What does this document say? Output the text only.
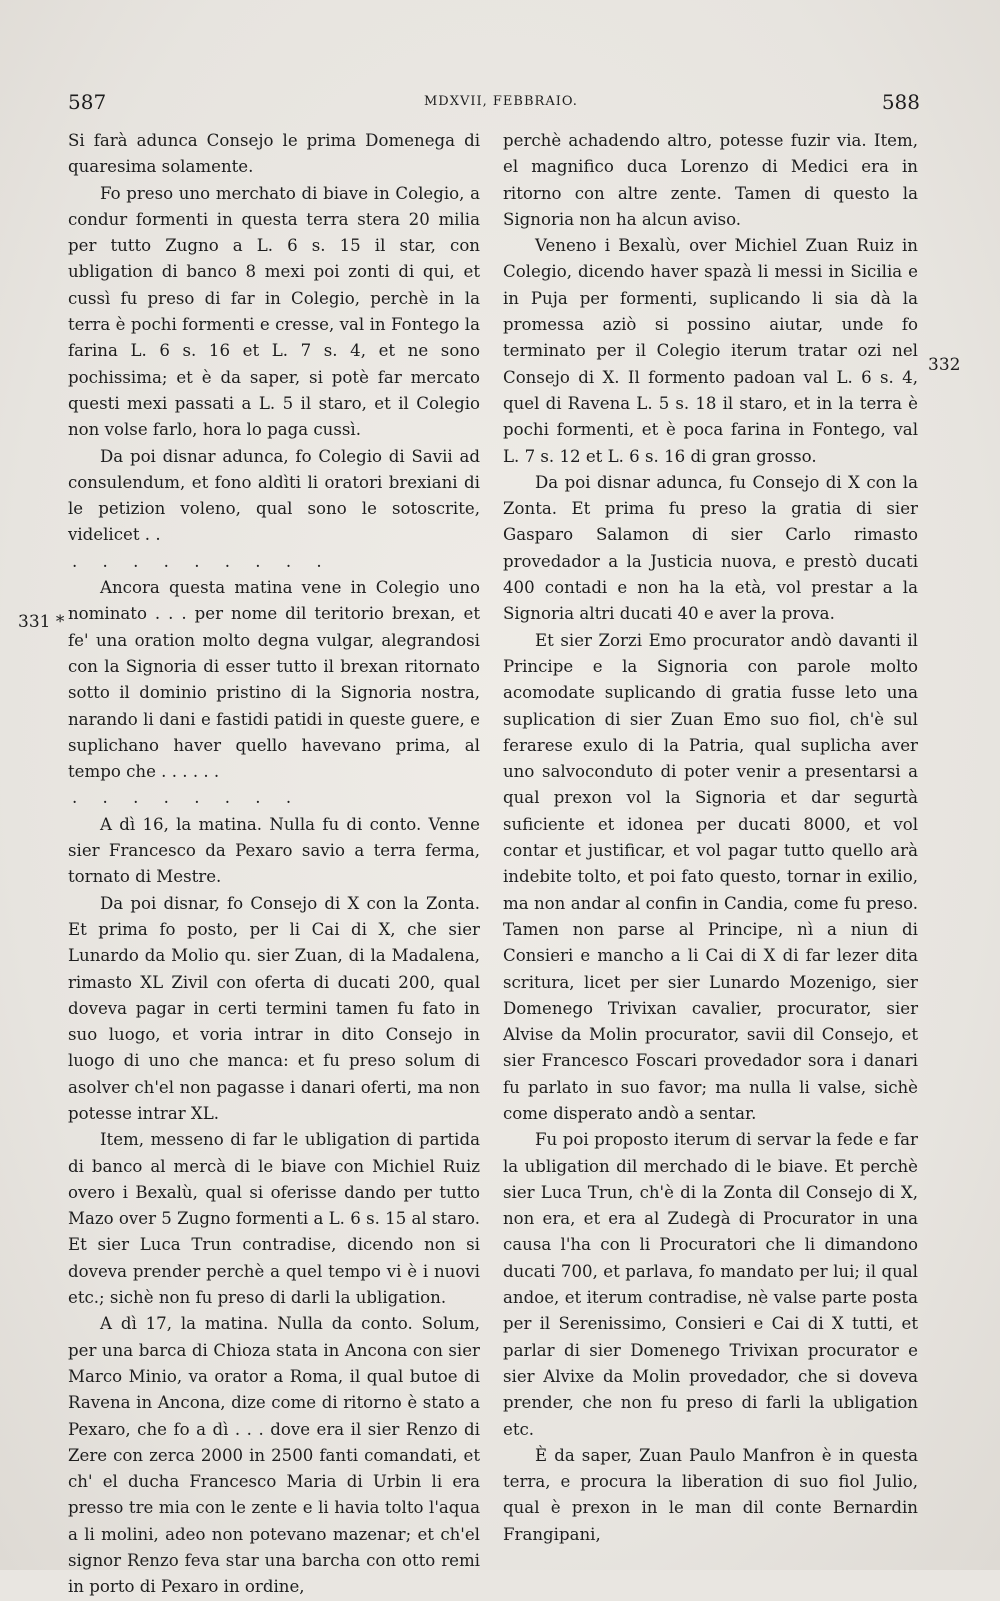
587	MDXVII, FEBBRAIO.	588
331 *
332

Si farà adunca Consejo le prima Domenega di quaresima solamente.

Fo preso uno merchato di biave in Colegio, a condur formenti in questa terra stera 20 milia per tutto Zugno a L. 6 s. 15 il star, con ubligation di banco 8 mexi poi zonti di qui, et cussì fu preso di far in Colegio, perchè in la terra è pochi formenti e cresse, val in Fontego la farina L. 6 s. 16 et L. 7 s. 4, et ne sono pochissima; et è da saper, si potè far mercato questi mexi passati a L. 5 il staro, et il Colegio non volse farlo, hora lo paga cussì.

Da poi disnar adunca, fo Colegio di Savii ad consulendum, et fono aldìti li oratori brexiani di le petizion voleno, qual sono le sotoscrite, videlicet . .

. . . . . . . . .

Ancora questa matina vene in Colegio uno nominato . . . per nome dil teritorio brexan, et fe' una oration molto degna vulgar, alegrandosi con la Signoria di esser tutto il brexan ritornato sotto il dominio pristino di la Signoria nostra, narando li dani e fastidi patidi in queste guere, e suplichano haver quello havevano prima, al tempo che . . . . . .

. . . . . . . .

A dì 16, la matina. Nulla fu di conto. Venne sier Francesco da Pexaro savio a terra ferma, tornato di Mestre.

Da poi disnar, fo Consejo di X con la Zonta. Et prima fo posto, per li Cai di X, che sier Lunardo da Molio qu. sier Zuan, di la Madalena, rimasto XL Zivil con oferta di ducati 200, qual doveva pagar in certi termini tamen fu fato in suo luogo, et voria intrar in dito Consejo in luogo di uno che manca: et fu preso solum di asolver ch'el non pagasse i danari oferti, ma non potesse intrar XL.

Item, messeno di far le ubligation di partida di banco al mercà di le biave con Michiel Ruiz overo i Bexalù, qual si oferisse dando per tutto Mazo over 5 Zugno formenti a L. 6 s. 15 al staro. Et sier Luca Trun contradise, dicendo non si doveva prender perchè a quel tempo vi è i nuovi etc.; sichè non fu preso di darli la ubligation.

A dì 17, la matina. Nulla da conto. Solum, per una barca di Chioza stata in Ancona con sier Marco Minio, va orator a Roma, il qual butoe di Ravena in Ancona, dize come di ritorno è stato a Pexaro, che fo a dì . . . dove era il sier Renzo di Zere con zerca 2000 in 2500 fanti comandati, et ch' el ducha Francesco Maria di Urbin li era presso tre mia con le zente e li havia tolto l'aqua a li molini, adeo non potevano mazenar; et ch'el signor Renzo feva star una barcha con otto remi in porto di Pexaro in ordine,

perchè achadendo altro, potesse fuzir via. Item, el magnifico duca Lorenzo di Medici era in ritorno con altre zente. Tamen di questo la Signoria non ha alcun aviso.

Veneno i Bexalù, over Michiel Zuan Ruiz in Colegio, dicendo haver spazà li messi in Sicilia e in Puja per formenti, suplicando li sia dà la promessa aziò si possino aiutar, unde fo terminato per il Colegio iterum tratar ozi nel Consejo di X. Il formento padoan val L. 6 s. 4, quel di Ravena L. 5 s. 18 il staro, et in la terra è pochi formenti, et è poca farina in Fontego, val L. 7 s. 12 et L. 6 s. 16 di gran grosso.

Da poi disnar adunca, fu Consejo di X con la Zonta. Et prima fu preso la gratia di sier Gasparo Salamon di sier Carlo rimasto provedador a la Justicia nuova, e prestò ducati 400 contadi e non ha la età, vol prestar a la Signoria altri ducati 40 e aver la prova.

Et sier Zorzi Emo procurator andò davanti il Principe e la Signoria con parole molto acomodate suplicando di gratia fusse leto una suplication di sier Zuan Emo suo fiol, ch'è sul ferarese exulo di la Patria, qual suplicha aver uno salvoconduto di poter venir a presentarsi a qual prexon vol la Signoria et dar segurtà suficiente et idonea per ducati 8000, et vol contar et justificar, et vol pagar tutto quello arà indebite tolto, et poi fato questo, tornar in exilio, ma non andar al confin in Candia, come fu preso. Tamen non parse al Principe, nì a niun di Consieri e mancho a li Cai di X di far lezer dita scritura, licet per sier Lunardo Mozenigo, sier Domenego Trivixan cavalier, procurator, sier Alvise da Molin procurator, savii dil Consejo, et sier Francesco Foscari provedador sora i danari fu parlato in suo favor; ma nulla li valse, sichè come disperato andò a sentar.

Fu poi proposto iterum di servar la fede e far la ubligation dil merchado di le biave. Et perchè sier Luca Trun, ch'è di la Zonta dil Consejo di X, non era, et era al Zudegà di Procurator in una causa l'ha con li Procuratori che li dimandono ducati 700, et parlava, fo mandato per lui; il qual andoe, et iterum contradise, nè valse parte posta per il Serenissimo, Consieri e Cai di X tutti, et parlar di sier Domenego Trivixan procurator e sier Alvixe da Molin provedador, che si doveva prender, che non fu preso di farli la ubligation etc.

È da saper, Zuan Paulo Manfron è in questa terra, e procura la liberation di suo fiol Julio, qual è prexon in le man dil conte Bernardin Frangipani,
